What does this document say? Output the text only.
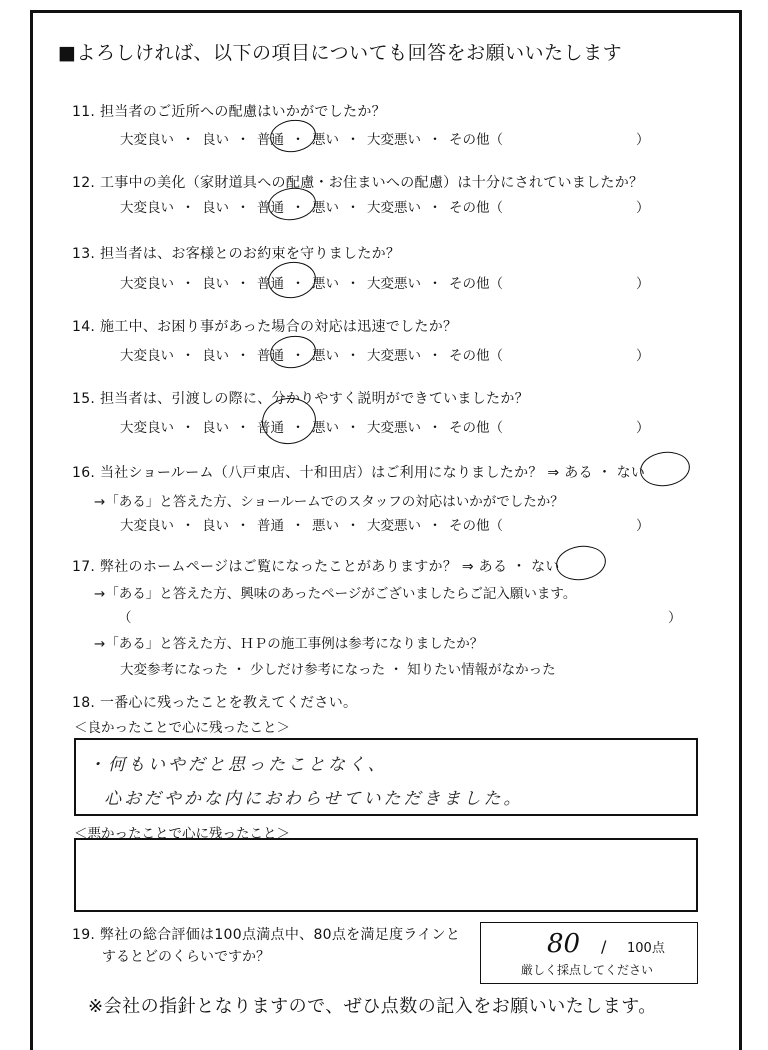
■よろしければ、以下の項目についても回答をお願いいたします
11. 担当者のご近所への配慮はいかがでしたか？
大変良い ・ 良い ・ 普通 ・ 悪い ・ 大変悪い ・ その他（	）
12. 工事中の美化（家財道具への配慮・お住まいへの配慮）は十分にされていましたか？
大変良い ・ 良い ・ 普通 ・ 悪い ・ 大変悪い ・ その他（	）
13. 担当者は、お客様とのお約束を守りましたか？
大変良い ・ 良い ・ 普通 ・ 悪い ・ 大変悪い ・ その他（	）
14. 施工中、お困り事があった場合の対応は迅速でしたか？
大変良い ・ 良い ・ 普通 ・ 悪い ・ 大変悪い ・ その他（	）
15. 担当者は、引渡しの際に、分かりやすく説明ができていましたか？
大変良い ・ 良い ・ 普通 ・ 悪い ・ 大変悪い ・ その他（	）
16. 当社ショールーム（八戸東店、十和田店）はご利用になりましたか？ ⇒ ある ・ ない
→「ある」と答えた方、ショールームでのスタッフの対応はいかがでしたか？
大変良い ・ 良い ・ 普通 ・ 悪い ・ 大変悪い ・ その他（	）
17. 弊社のホームページはご覧になったことがありますか？ ⇒ ある ・ ない
→「ある」と答えた方、興味のあったページがございましたらご記入願います。
（	）
→「ある」と答えた方、ＨＰの施工事例は参考になりましたか？
大変参考になった ・ 少しだけ参考になった ・ 知りたい情報がなかった
18. 一番心に残ったことを教えてください。
＜良かったことで心に残ったこと＞
・何もいやだと思ったことなく、
心おだやかな内におわらせていただきました。
＜悪かったことで心に残ったこと＞
19. 弊社の総合評価は100点満点中、80点を満足度ラインと
するとどのくらいですか？	80 / 100点
厳しく採点してください
※会社の指針となりますので、ぜひ点数の記入をお願いいたします。
